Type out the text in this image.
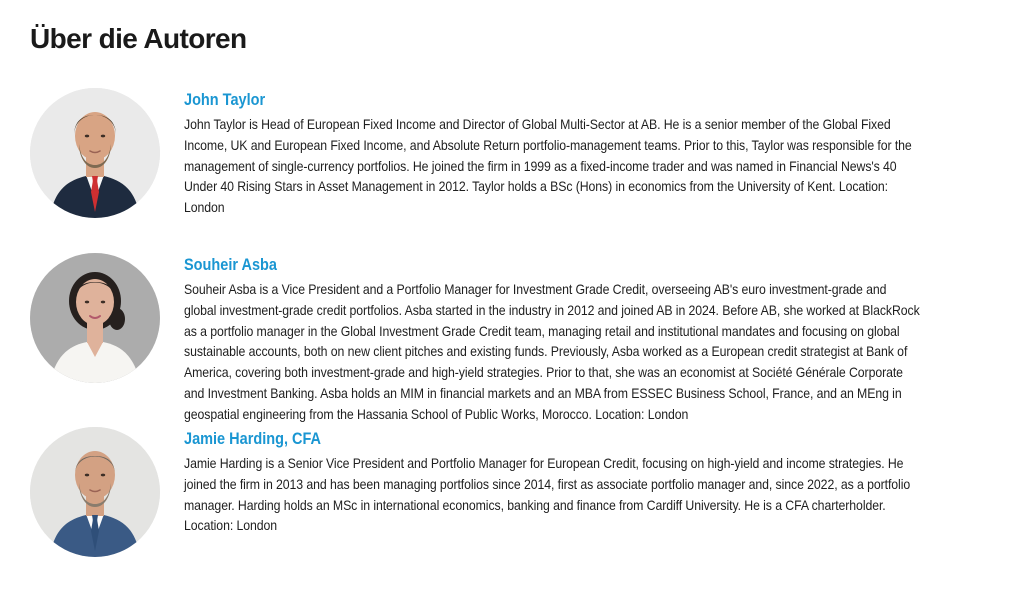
Über die Autoren
John Taylor

John Taylor is Head of European Fixed Income and Director of Global Multi-Sector at AB. He is a senior member of the Global Fixed Income, UK and European Fixed Income, and Absolute Return portfolio-management teams. Prior to this, Taylor was responsible for the management of single-currency portfolios. He joined the firm in 1999 as a fixed-income trader and was named in Financial News's 40 Under 40 Rising Stars in Asset Management in 2012. Taylor holds a BSc (Hons) in economics from the University of Kent. Location: London

Souheir Asba

Souheir Asba is a Vice President and a Portfolio Manager for Investment Grade Credit, overseeing AB's euro investment-grade and global investment-grade credit portfolios. Asba started in the industry in 2012 and joined AB in 2024. Before AB, she worked at BlackRock as a portfolio manager in the Global Investment Grade Credit team, managing retail and institutional mandates and focusing on global sustainable accounts, both on new client pitches and existing funds. Previously, Asba worked as a European credit strategist at Bank of America, covering both investment-grade and high-yield strategies. Prior to that, she was an economist at Société Générale Corporate and Investment Banking. Asba holds an MIM in financial markets and an MBA from ESSEC Business School, France, and an MEng in geospatial engineering from the Hassania School of Public Works, Morocco. Location: London

Jamie Harding, CFA

Jamie Harding is a Senior Vice President and Portfolio Manager for European Credit, focusing on high-yield and income strategies. He joined the firm in 2013 and has been managing portfolios since 2014, first as associate portfolio manager and, since 2022, as a portfolio manager. Harding holds an MSc in international economics, banking and finance from Cardiff University. He is a CFA charterholder. Location: London
